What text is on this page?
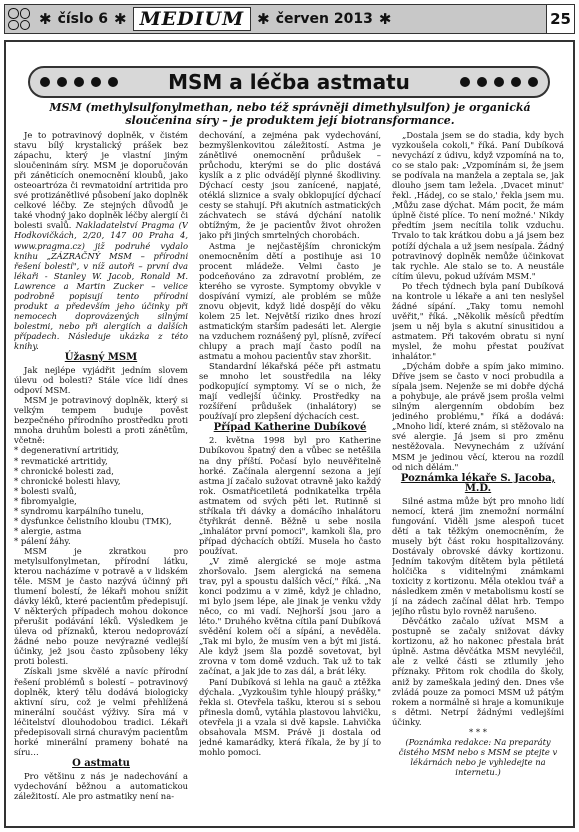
✱ číslo 6 ✱ MEDIUM ✱ červen 2013 ✱	25
MSM a léčba astmatu
MSM (methylsulfonylmethan, nebo též správněji dimethylsulfon) je organická sloučenina síry – je produktem její biotransformance.

Je to potravinový doplněk, v čistém stavu bílý krystalický prášek bez zápachu, který je vlastní jiným sloučeninám síry. MSM je doporučován při záněticích onemocnění kloubů, jako osteoartróza či revmatoidní artritida pro své protizánětlivé působení jako doplněk celkové léčby. Ze stejných důvodů je také vhodný jako doplněk léčby alergií či bolesti svalů. Nakladatelství Pragma (V Hodkovičkách, 2/20, 147 00 Praha 4, www.pragma.cz) již podruhé vydalo knihu „ZÁZRAČNÝ MSM – přírodní řešení bolestí", v níž autoři – první dva lékaři - Stanley W. Jacob, Ronald M. Lawrence a Martin Zucker – velice podrobně popisují tento přírodní produkt a především jeho účinky při nemocech doprovázených silnými bolestmi, nebo při alergiích a dalších případech. Následuje ukázka z této knihy.

Úžasný MSM

Jak nejlépe vyjádřit jedním slovem úlevu od bolesti? Stále více lidí dnes odpoví MSM.

MSM je potravinový doplněk, který si velkým tempem buduje pověst bezpečného přírodního prostředku proti mnoha druhům bolesti a proti zánětům, včetně:

* degenerativní artritidy,
* revmatické artritidy,
* chronické bolesti zad,
* chronické bolesti hlavy,
* bolesti svalů,
* fibromyalgie,
* syndromu karpálního tunelu,
* dysfunkce čelistního kloubu (TMK),
* alergie, astma
* pálení žáhy.

MSM je zkratkou pro metylsulfonylmetan, přírodní látku, kterou nacházíme v potravě a v lidském těle. MSM je často nazývá účinný při tlumení bolestí, že lékaři mohou snížit dávky léků, které pacientům předepisují. V některých případech mohou dokonce přerušit podávání léků. Výsledkem je úleva od příznaků, kterou nedoprovází žádné nebo pouze nevýrazné vedlejší účinky, jež jsou často způsobeny léky proti bolesti.

Získali jsme skvělé a navíc přírodní řešení problémů s bolestí – potravinový doplněk, který tělu dodává biologicky aktivní síru, což je velmi přehlížená minerální součást výživy. Síra má v léčitelství dlouhodobou tradici. Lékaři předepisovali sirná churavým pacientům horké minerální prameny bohaté na síru…

O astmatu

Pro většinu z nás je nadechování a vydechování běžnou a automatickou záležitostí. Ale pro astmatiky není na-

dechování, a zejména pak vydechování, bezmyšlenkovitou záležitostí. Astma je zánětlivé onemocnění průdušek – průchodu, kterými se do plic dostává kyslík a z plic odvádějí plynné škodliviny. Dýchací cesty jsou zanícené, napjaté, otéklá sliznice a svaly obklopující dýchací cesty se stahují. Při akutních astmatických záchvatech se stává dýchání natolik obtížným, že je pacientův život ohrožen jako při jiných smrtelných chorobách.

Astma je nejčastějším chronickým onemocněním dětí a postihuje asi 10 procent mládeže. Velmi často je podceňováno za zdravotní problém, ze kterého se vyroste. Symptomy obvykle v dospívání vymizí, ale problém se může znovu objevit, když lidé dospějí do věku kolem 25 let. Největší riziko dnes hrozí astmatickým starším padesáti let. Alergie na vzduchem roznášený pyl, plísně, zvířecí chlupy a prach mají často podíl na astmatu a mohou pacientův stav zhoršit.

Standardní lékařská péče při astmatu se mnoho let soustředila na léky podkopující symptomy. Ví se o nich, že mají vedlejší účinky. Prostředky na rozšíření průdušek (inhalátory) se používají pro zlepšení dýchacích cest.

Případ Katherine Dubíkové

2. května 1998 byl pro Katherine Dubíkovou špatný den a vůbec se netěšila na dny příští. Počasí bylo neuvěřitelně horké. Začínala alergenní sezona a její astma jí začalo sužovat otravně jako každý rok. Osmatřicetiletá podnikatelka trpěla astmatem od svých pěti let. Rutinně si stříkala tři dávky a domácího inhalátoru čtyřikrát denně. Běžně u sebe nosila „inhalátor první pomoci", kamkoli šla, pro případ dýchacích obtíží. Musela ho často používat.

„V zimě alergické se moje astma zhoršovalo. Jsem alergická na semena trav, pyl a spoustu dalších věcí," říká. „Na konci podzimu a v zimě, když je chladno, mi bylo jsem lépe, ale jinak je venku vždy něco, co mi vadí. Nejhorší jsou jaro a léto." Druhého května cítila paní Dubíková svědění kolem očí a sípání, a nevěděla. „Tak mi bylo, že musím ven a být mi jistá. Ale když jsem šla pozdě sovetovat, byl zrovna v tom domě vzduch. Tak už to tak začínat, a jak jde to zas dál, a brát léky.

Paní Dubíková si lehla na gauč a ztěžka dýchala. „Vyzkoušim tyhle hloupý prášky," řekla si. Otevřela tašku, kterou si s sebou přinesla domů, vytáhla plastovou lahvičku, otevřela ji a vzala si dvě kapsle. Lahvička obsahovala MSM. Právě ji dostala od jedné kamarádky, která říkala, že by jí to mohlo pomoci.

„Dostala jsem se do stadia, kdy bych vyzkoušela cokoli," říká. Paní Dubíková nevychází z údivu, když vzpomíná na to, co se stalo pak: „Vzpomínám si, že jsem se podívala na manžela a zeptala se, jak dlouho jsem tam ležela. ‚Dvacet minut' řekl. ‚Hádej, co se stalo,' řekla jsem mu. ‚Můžu zase dýchat. Mám pocit, že mám úplně čisté plíce. To není možné.' Nikdy předtím jsem necítila tolik vzduchu. Trvalo to tak krátkou dobu a já jsem bez potíží dýchala a už jsem nesípala. Žádný potravinový doplněk nemůže účinkovat tak rychle. Ale stalo se to. A neustále cítím úlevu, pokud užívám MSM."

Po třech týdnech byla paní Dubíková na kontrole u lékaře a ani ten neslyšel žádné sípání. „Taky tomu nemohl uvěřit," říká. „Několik měsíců předtím jsem u něj byla s akutní sinusitidou a astmatem. Při takovém obratu si nyní myslel, že mohu přestat používat inhalátor."

„Dýchám dobře a spím jako mimino. Dříve jsem se často v noci probudila a sípala jsem. Nejenže se mi dobře dýchá a pohybuje, ale právě jsem prošla velmi silným alergenním obdobím bez jediného problému," říká a dodává: „Mnoho lidí, které znám, si stěžovalo na své alergie. Já jsem si pro změnu nestěžovala. Nevynechám z užívání MSM je jedinou věcí, kterou na rozdíl od nich dělám."

Poznámka lékaře S. Jacoba, M.D.

Silné astma může být pro mnoho lidí nemocí, která jim znemožní normální fungování. Viděli jsme alespoň tucet dětí a tak těžkým onemocněním, že musely být část roku hospitalizovány. Dostávaly obrovské dávky kortizonu. Jedním takovým dítětem byla pětiletá holčička s viditelnými známkami toxicity z kortizonu. Měla oteklou tvář a následkem změn v metabolismu kostí se jí na zádech začínal dělat hrb. Tempo jejího růstu bylo rovněž narušeno.

Děvčátko začalo užívat MSM a postupně se začaly snižovat dávky kortizonu, až ho nakonec přestala brát úplně. Astma děvčátka MSM nevyléčil, ale z velké části se ztlumily jeho příznaky. Přitom rok chodila do školy, aniž by zameškala jediný den. Dnes vše zvládá pouze za pomoci MSM už pátým rokem a normálně si hraje a komunikuje s dětmi. Netrpí žádnými vedlejšími účinky.

* * *

(Poznámka redakce: Na preparáty čistého MSM nebo s MSM se ptejte v lékárnách nebo je vyhledejte na internetu.)
